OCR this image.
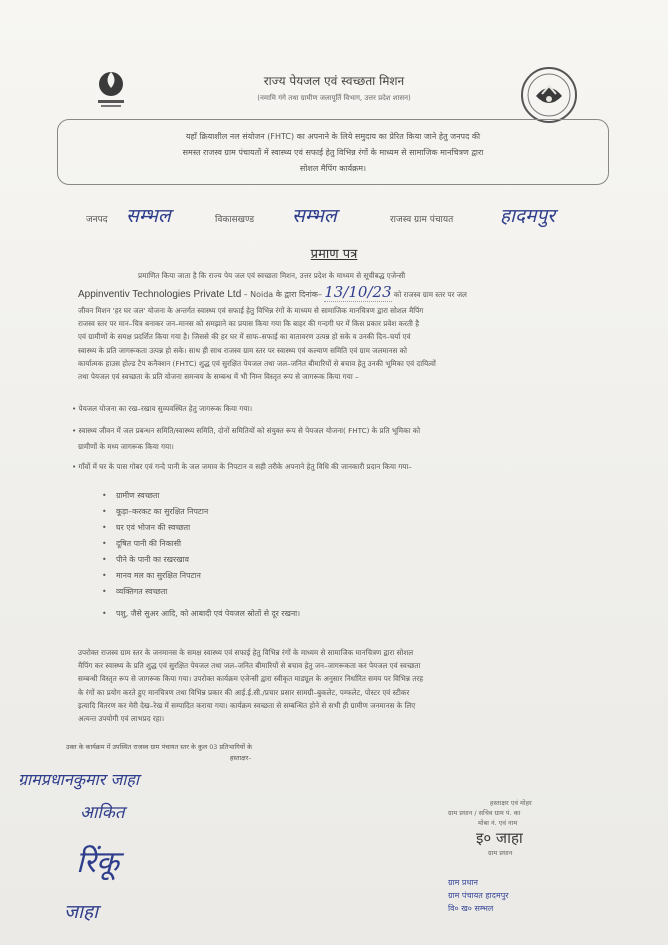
राज्य पेयजल एवं स्वच्छता मिशन
(नमामि गंगे तथा ग्रामीण जलापूर्ति विभाग, उत्तर प्रदेश शासन)
यहाँ क्रियाशील नल संयोजन (FHTC) का अपनाने के लिये समुदाय का प्रेरित किया जाने हेतु जनपद की
समस्त राजस्व ग्राम पंचायतों में स्वास्थ्य एवं सफाई हेतु विभिन्न रंगों के माध्यम से सामाजिक मानचित्रण द्वारा
सोशल मैपिंग कार्यक्रम।
जनपद सम्भल	विकासखण्ड सम्भल	राजस्व ग्राम पंचायत हादमपुर
प्रमाण पत्र
प्रमाणित किया जाता है कि राज्य पेय जल एवं स्वच्छता मिशन, उत्तर प्रदेश के माध्यम से सूचीबद्ध एजेन्सी
Appinventiv Technologies Private Ltd – Noida के द्वारा दिनांक– 13/10/23 को राजस्व ग्राम स्तर पर जल
जीवन मिशन 'हर घर जल' योजना के अन्तर्गत स्वास्थ्य एवं सफाई हेतु विभिन्न रंगों के माध्यम से सामाजिक मानचित्रण द्वारा सोशल मैपिंग
राजस्व स्तर पर मान–चित्र बनाकर जन–मानस को समझाने का प्रयास किया गया कि बाहर की गन्दगी घर में किस प्रकार प्रवेश करती है
एवं ग्रामीणों के समक्ष प्रदर्शित किया गया है। जिससे की हर घर में साफ–सफाई का वातावरण उत्पन्न हो सके व उनकी दिन–चर्या एवं
स्वास्थ्य के प्रति जागरूकता उत्पन्न हो सके। साथ ही साथ राजस्व ग्राम स्तर पर स्वास्थ्य एवं कल्याण समिति एवं ग्राम जलमानस को
कार्यात्मक हाउस होल्ड टैप कनैक्शन (FHTC) शुद्ध एवं सुरक्षित पेयजल तथा जल–जनित बीमारियों से बचाव हेतु उनकी भूमिका एवं दायित्वों
तथा पेयजल एवं स्वच्छता के प्रति योजना समन्वय के सम्बन्ध में भी निम्न विस्तृत रूप से जागरूक किया गया –
• पेयजल योजना का रख–रखाव सुव्यवस्थित हेतु जागरूक किया गया।
• स्वास्थ्य जीवन में जल प्रबन्धन समिति/स्वास्थ्य समिति, दोनों समितियों को संयुक्त रूप से पेयजल योजना( FHTC) के प्रति भूमिका को
ग्रामीणों के मध्य जागरूक किया गया।
• गाँवों में घर के पास गोबर एवं गन्दे पानी के जल जमाव के निपटान व सही तरीके अपनाने हेतु विधि की जानकारी प्रदान किया गया–
• ग्रामीण स्वच्छता
• कूड़ा–करकट का सुरक्षित निपटान
• घर एवं भोजन की स्वच्छता
• दूषित पानी की निकासी
• पीने के पानी का रखरखाव
• मानव मल का सुरक्षित निपटान
• व्यक्तिगत स्वच्छता
• पशु, जैसे सुअर आदि, को आबादी एवं पेयजल स्रोतों से दूर रखना।
उपरोक्त राजस्व ग्राम स्तर के जनमानस के समक्ष स्वास्थ्य एवं सफाई हेतु विभिन्न रंगों के माध्यम से सामाजिक मानचित्रण द्वारा सोशल
मैपिंग कर स्वास्थ्य के प्रति शुद्ध एवं सुरक्षित पेयजल तथा जल–जनित बीमारियों से बचाव हेतु जन–जागरूकता कर पेयजल एवं स्वच्छता
सम्बन्धी विस्तृत रूप से जागरूक किया गया। उपरोक्त कार्यक्रम एजेन्सी द्वारा स्वीकृत माड्यूल के अनुसार निर्धारित समय पर विभिन्न तरह
के रंगों का प्रयोग करते हुए मानचित्रण तथा विभिन्न प्रकार की आई.ई.सी./प्रचार प्रसार सामग्री–बुकलेट, पम्फलेट, पोस्टर एवं स्टीकर
इत्यादि वितरण कर मेरी देख–रेख में सम्पादित कराया गया। कार्यक्रम स्वच्छता से सम्बन्धित होने से सभी ही ग्रामीण जनमानस के लिए
अत्यन्त उपयोगी एवं लाभप्रद रहा।
उक्त के कार्यक्रम में उपस्थित राजस्व ग्राम पंचायत स्तर के कुल 03 प्रतिभागियों के
हस्ताक्षर–
ग्रामप्रधानकुमार जाहा
आकित
रिंकू
जाहा
हस्ताक्षर एवं मोहर
ग्राम प्रधान / सचिव ग्राम पं. का
मोबा नं. एवं नाम
इ० जाहा
ग्राम प्रधान
ग्राम प्रधान
ग्राम पंचायत हादमपुर
वि० ख० सम्भल
